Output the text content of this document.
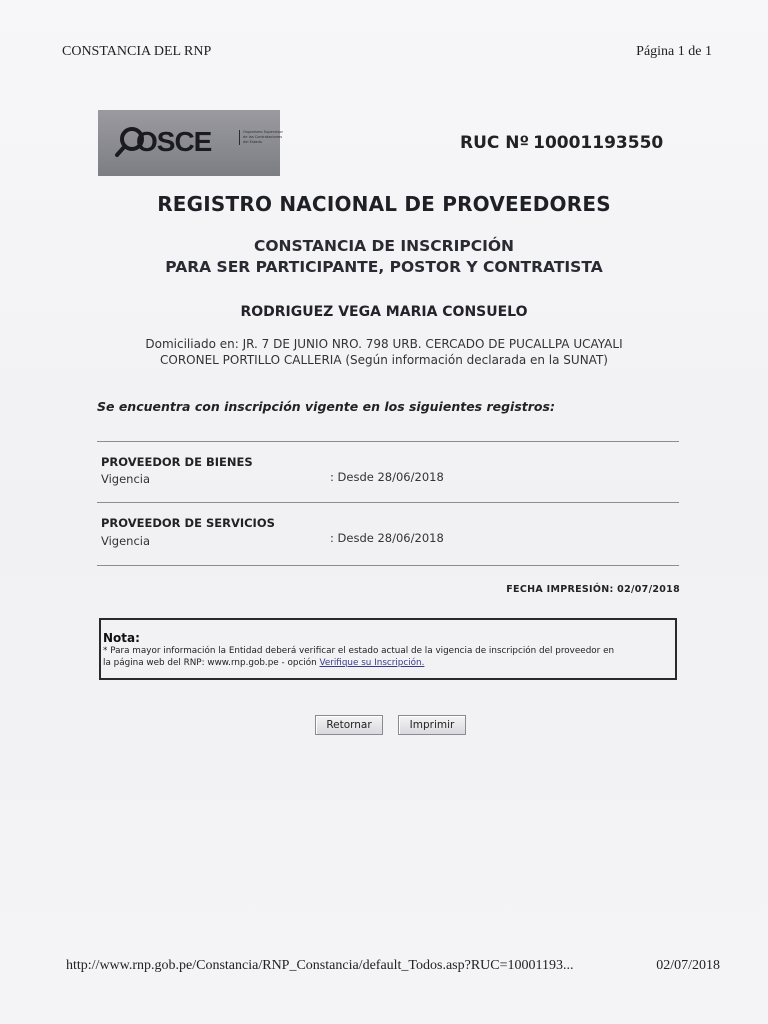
CONSTANCIA DEL RNP	Página 1 de 1
OSCE	Organismo Supervisor de las Contrataciones del Estado	RUC Nº 10001193550
REGISTRO NACIONAL DE PROVEEDORES
CONSTANCIA DE INSCRIPCIÓN
PARA SER PARTICIPANTE, POSTOR Y CONTRATISTA
RODRIGUEZ VEGA MARIA CONSUELO
Domiciliado en: JR. 7 DE JUNIO NRO. 798 URB. CERCADO DE PUCALLPA UCAYALI
CORONEL PORTILLO CALLERIA (Según información declarada en la SUNAT)
Se encuentra con inscripción vigente en los siguientes registros:
PROVEEDOR DE BIENES
Vigencia	: Desde 28/06/2018
PROVEEDOR DE SERVICIOS
Vigencia	: Desde 28/06/2018
FECHA IMPRESIÓN: 02/07/2018
Nota:
* Para mayor información la Entidad deberá verificar el estado actual de la vigencia de inscripción del proveedor en
la página web del RNP: www.rnp.gob.pe - opción Verifique su Inscripción.
Retornar	Imprimir
http://www.rnp.gob.pe/Constancia/RNP_Constancia/default_Todos.asp?RUC=10001193...	02/07/2018
